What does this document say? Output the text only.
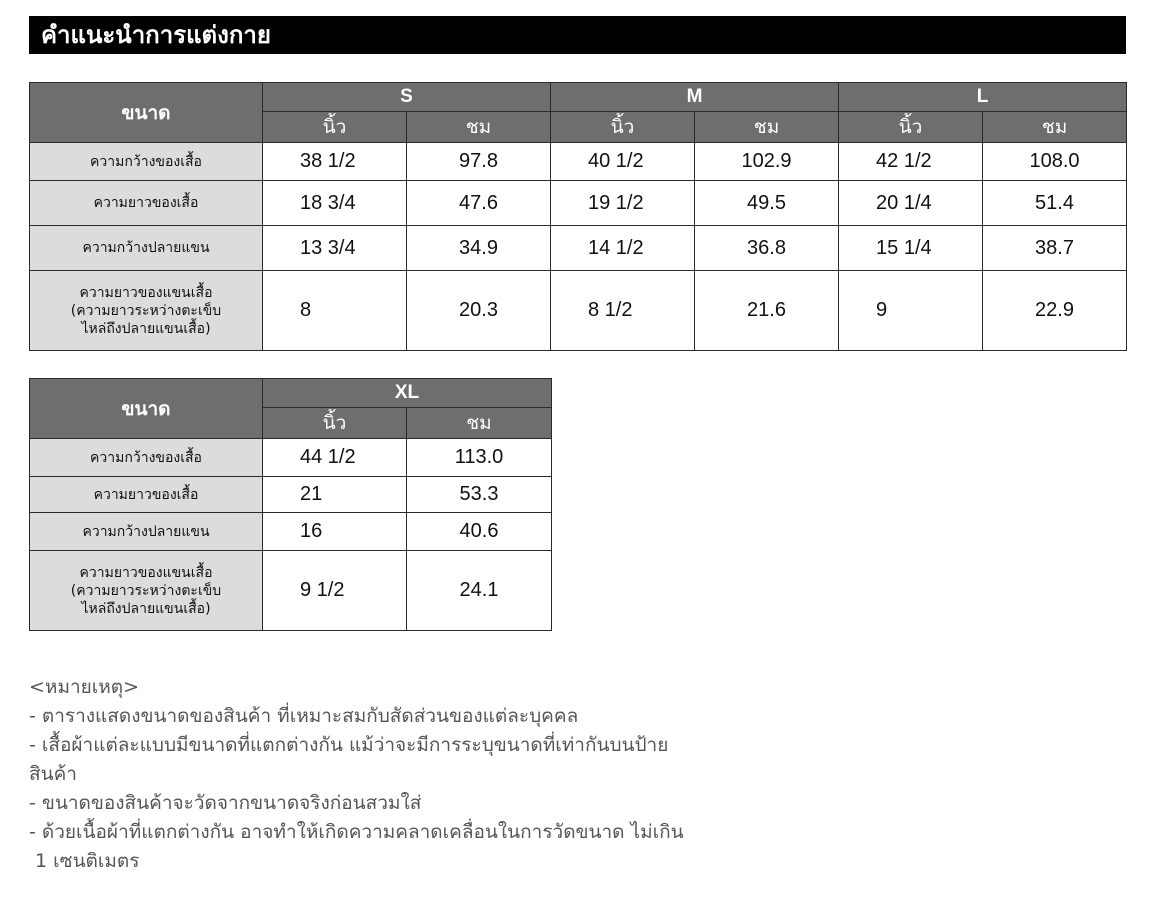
คำแนะนำการแต่งกาย
ขนาด	S		M		L	
	นิ้ว	ชม	นิ้ว	ชม	นิ้ว	ชม
ความกว้างของเสื้อ	38 1/2	97.8	40 1/2	102.9	42 1/2	108.0
ความยาวของเสื้อ	18 3/4	47.6	19 1/2	49.5	20 1/4	51.4
ความกว้างปลายแขน	13 3/4	34.9	14 1/2	36.8	15 1/4	38.7

ความยาวของแขนเสื้อ
(ความยาวระหว่างตะเข็บ
ไหล่ถึงปลายแขนเสื้อ)	8	20.3	8 1/2	21.6	9	22.9
ขนาด	XL	
	นิ้ว	ชม
ความกว้างของเสื้อ	44 1/2	113.0
ความยาวของเสื้อ	21	53.3
ความกว้างปลายแขน	16	40.6

ความยาวของแขนเสื้อ
(ความยาวระหว่างตะเข็บ
ไหล่ถึงปลายแขนเสื้อ)	9 1/2	24.1
<หมายเหตุ>
- ตารางแสดงขนาดของสินค้า ที่เหมาะสมกับสัดส่วนของแต่ละบุคคล
- เสื้อผ้าแต่ละแบบมีขนาดที่แตกต่างกัน แม้ว่าจะมีการระบุขนาดที่เท่ากันบนป้าย
สินค้า
- ขนาดของสินค้าจะวัดจากขนาดจริงก่อนสวมใส่
- ด้วยเนื้อผ้าที่แตกต่างกัน อาจทำให้เกิดความคลาดเคลื่อนในการวัดขนาด ไม่เกิน
1 เซนติเมตร
